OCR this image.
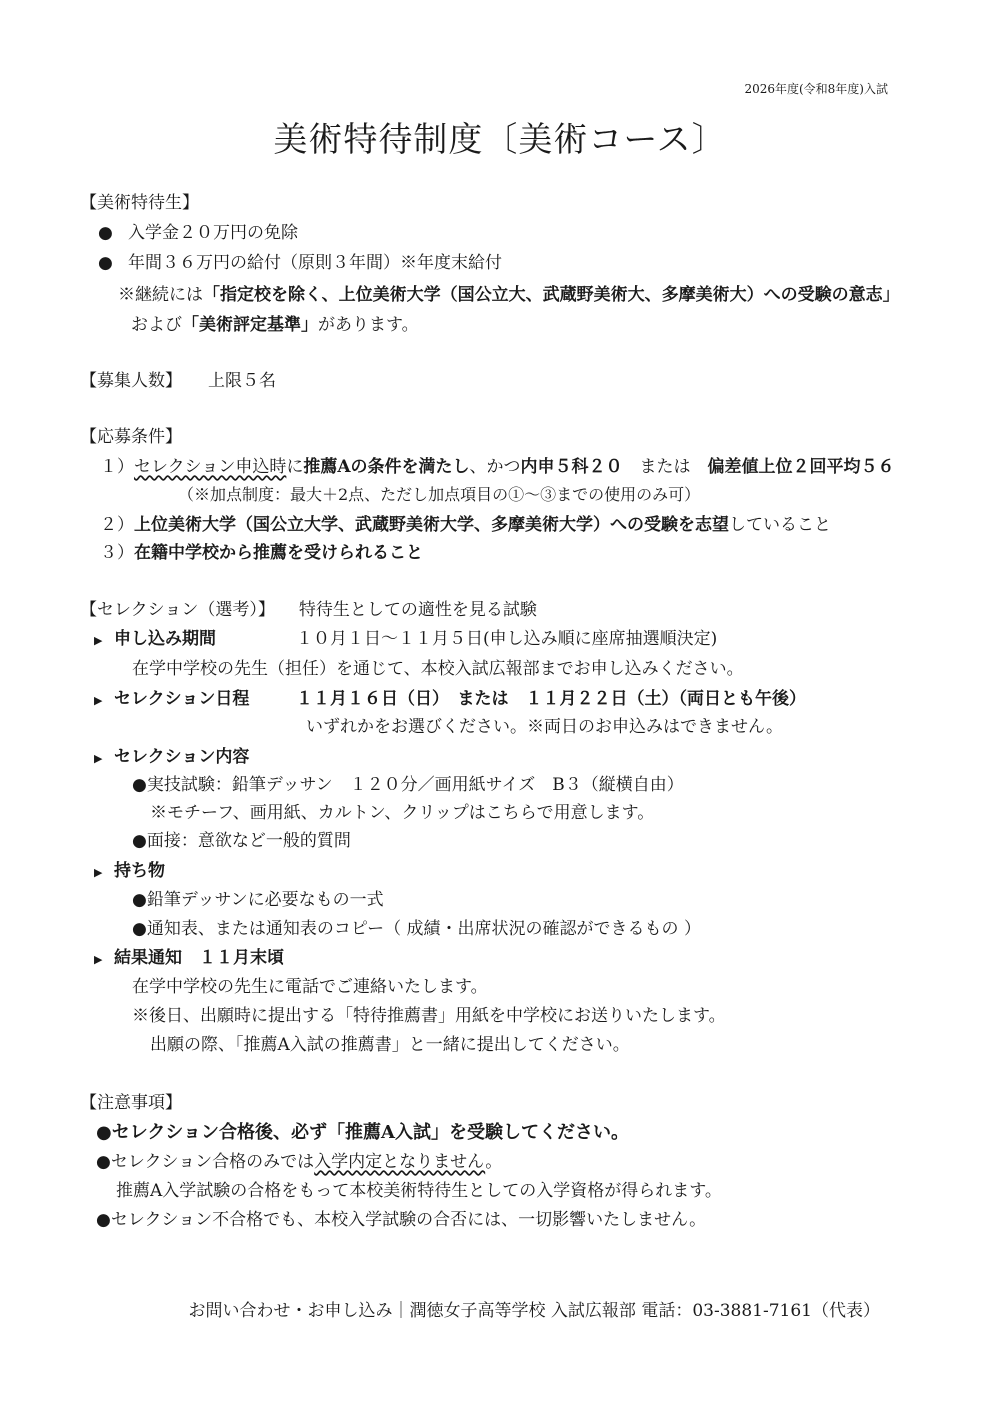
2026年度(令和8年度)入試
美術特待制度〔美術コース〕
【美術特待生】
● 入学金２０万円の免除
● 年間３６万円の給付（原則３年間）※年度末給付
※継続には「指定校を除く、上位美術大学（国公立大、武蔵野美術大、多摩美術大）への受験の意志」
および「美術評定基準」があります。
【募集人数】 上限５名
【応募条件】
１）セレクション申込時に推薦Aの条件を満たし、かつ内申５科２０　または　偏差値上位２回平均５６
（※加点制度：最大＋2点、ただし加点項目の①〜③までの使用のみ可）
２）上位美術大学（国公立大学、武蔵野美術大学、多摩美術大学）への受験を志望していること
３）在籍中学校から推薦を受けられること
【セレクション（選考）】 特待生としての適性を見る試験
▶ 申し込み期間	１０月１日〜１１月５日(申し込み順に座席抽選順決定)
在学中学校の先生（担任）を通じて、本校入試広報部までお申し込みください。
▶ セレクション日程	１１月１６日（日）　または　１１月２２日（土）（両日とも午後）
いずれかをお選びください。※両日のお申込みはできません。
▶ セレクション内容
●実技試験：鉛筆デッサン　１２０分／画用紙サイズ　B３（縦横自由）
※モチーフ、画用紙、カルトン、クリップはこちらで用意します。
●面接：意欲など一般的質問
▶ 持ち物
●鉛筆デッサンに必要なもの一式
●通知表、または通知表のコピー（ 成績・出席状況の確認ができるもの ）
▶ 結果通知　１１月末頃
在学中学校の先生に電話でご連絡いたします。
※後日、出願時に提出する「特待推薦書」用紙を中学校にお送りいたします。
出願の際、「推薦A入試の推薦書」と一緒に提出してください。
【注意事項】
●セレクション合格後、必ず「推薦A入試」を受験してください。
●セレクション合格のみでは入学内定となりません。
推薦A入学試験の合格をもって本校美術特待生としての入学資格が得られます。
●セレクション不合格でも、本校入学試験の合否には、一切影響いたしません。
お問い合わせ・お申し込み｜潤徳女子高等学校 入試広報部 電話：03-3881-7161（代表）
